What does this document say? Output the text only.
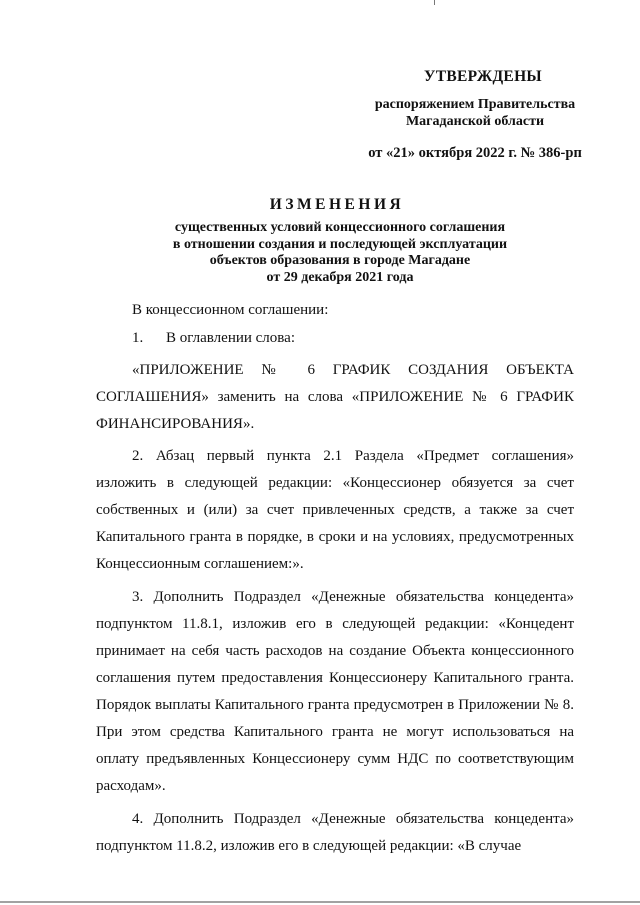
УТВЕРЖДЕНЫ
распоряжением Правительства
Магаданской области
от «21» октября 2022 г. № 386-рп
ИЗМЕНЕНИЯ
существенных условий концессионного соглашения
в отношении создания и последующей эксплуатации
объектов образования в городе Магадане
от 29 декабря 2021 года

В концессионном соглашении:

1. В оглавлении слова:

«ПРИЛОЖЕНИЕ № 6 ГРАФИК СОЗДАНИЯ ОБЪЕКТА
СОГЛАШЕНИЯ» заменить на слова «ПРИЛОЖЕНИЕ № 6 ГРАФИК
ФИНАНСИРОВАНИЯ».

2. Абзац первый пункта 2.1 Раздела «Предмет соглашения» изложить в следующей редакции: «Концессионер обязуется за счет собственных и (или) за счет привлеченных средств, а также за счет Капитального гранта в порядке, в сроки и на условиях, предусмотренных Концессионным соглашением:».

3. Дополнить Подраздел «Денежные обязательства концедента» подпунктом 11.8.1, изложив его в следующей редакции: «Концедент принимает на себя часть расходов на создание Объекта концессионного соглашения путем предоставления Концессионеру Капитального гранта. Порядок выплаты Капитального гранта предусмотрен в Приложении № 8. При этом средства Капитального гранта не могут использоваться на оплату предъявленных Концессионеру сумм НДС по соответствующим расходам».

4. Дополнить Подраздел «Денежные обязательства концедента» подпунктом 11.8.2, изложив его в следующей редакции: «В случае
